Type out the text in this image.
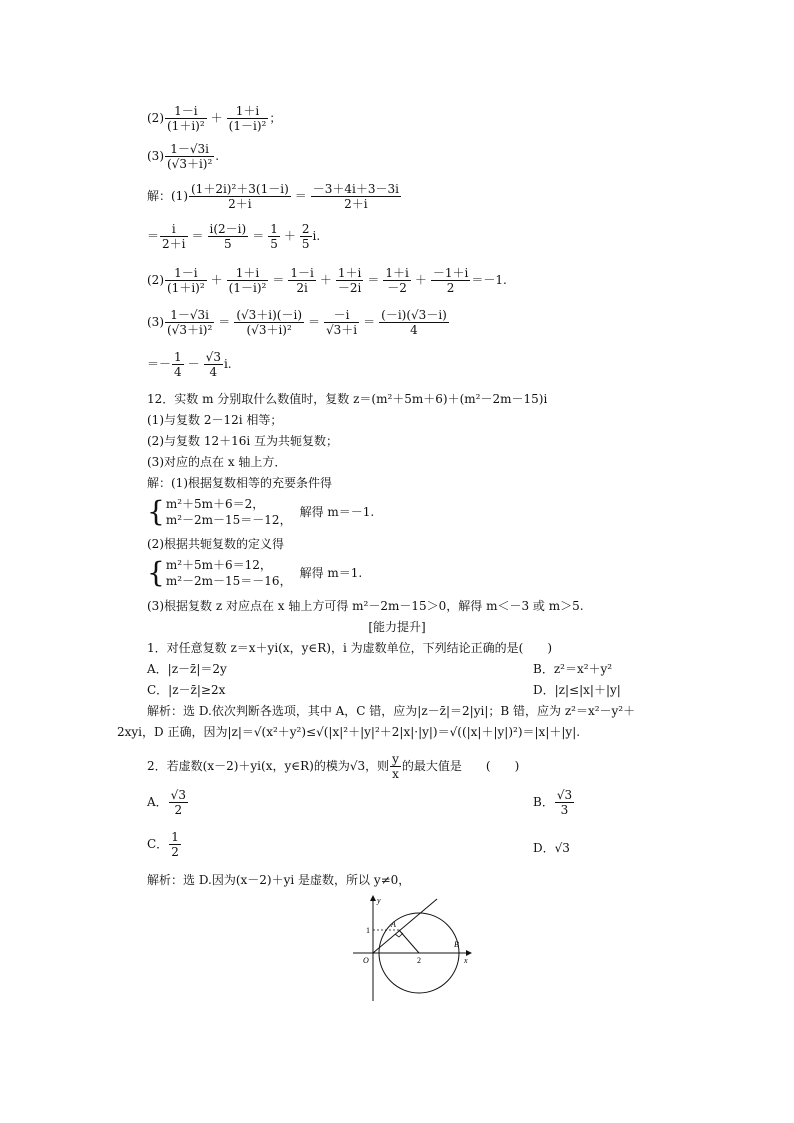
$(2) \frac{1-i}{\text{(1＋i)²}} + \frac{1+i}{\text{(1－i)²}}$ ；
$(3) \frac{1-√3i}{\text{(√3＋i)²}}$ .
解：$(1) \frac{\text{(1＋2i)²＋3(1－i)}}{2+i} = \frac{-3+4i+3-3i}{2+i}$
＝ $\frac{i}{2+i} = \frac{i(2-i)}{5} = \frac{1}{5} + \frac{2}{5} i$.
$(2) \frac{1-i}{\text{(1＋i)²}} + \frac{1+i}{\text{(1－i)²}} = \frac{1-i}{2i} + \frac{1+i}{-2i} = \frac{1+i}{-2} + \frac{-1+i}{2} =-1$.
$(3) \frac{1-√3i}{\text{(√3＋i)²}} = \frac{(√3+i)(-i)}{\text{(√3＋i)²}} = \frac{-i}{√3+i} = \frac{(-i)(√3-i)}{4}$
＝－ $\frac{1}{4} - \frac{√3}{4} i$.
12．实数 m 分别取什么数值时，复数 z＝(m²＋5m＋6)＋(m²－2m－15)i
(1)与复数 2－12i 相等；
(2)与复数 12＋16i 互为共轭复数；
(3)对应的点在 x 轴上方．
解：(1)根据复数相等的充要条件得
{ m²＋5m＋6＝2，
m²－2m－15＝－12，
解得 m＝－1.
(2)根据共轭复数的定义得
{ m²＋5m＋6＝12，
m²－2m－15＝－16，
解得 m＝1.
(3)根据复数 z 对应点在 x 轴上方可得 m²－2m－15＞0，解得 m＜－3 或 m＞5.
[能力提升]
1．对任意复数 z＝x＋yi(x，y∈R)，i 为虚数单位，下列结论正确的是(　　)
A．|z－z̄|＝2y	B．z²＝x²＋y²
C．|z－z̄|≥2x	D．|z|≤|x|＋|y|
解析：选 D.依次判断各选项，其中 A，C 错，应为|z－z̄|＝2|yi|；B 错，应为 z²＝x²－y²＋
2xyi，D 正确，因为|z|＝√(x²＋y²)≤√(|x|²＋|y|²＋2|x|·|y|)＝√((|x|＋|y|)²)＝|x|＋|y|.
2．若虚数(x－2)＋yi(x，y∈R)的模为√3，则 $\frac{y}{x}$ 的最大值是　　(　　)
A． $\frac{√3}{2}$	B． $\frac{√3}{3}$
C． $\frac{1}{2}$	D．√3
解析：选 D.因为(x－2)＋yi 是虚数，所以 y≠0，
y
x
O
A
B
1
2
